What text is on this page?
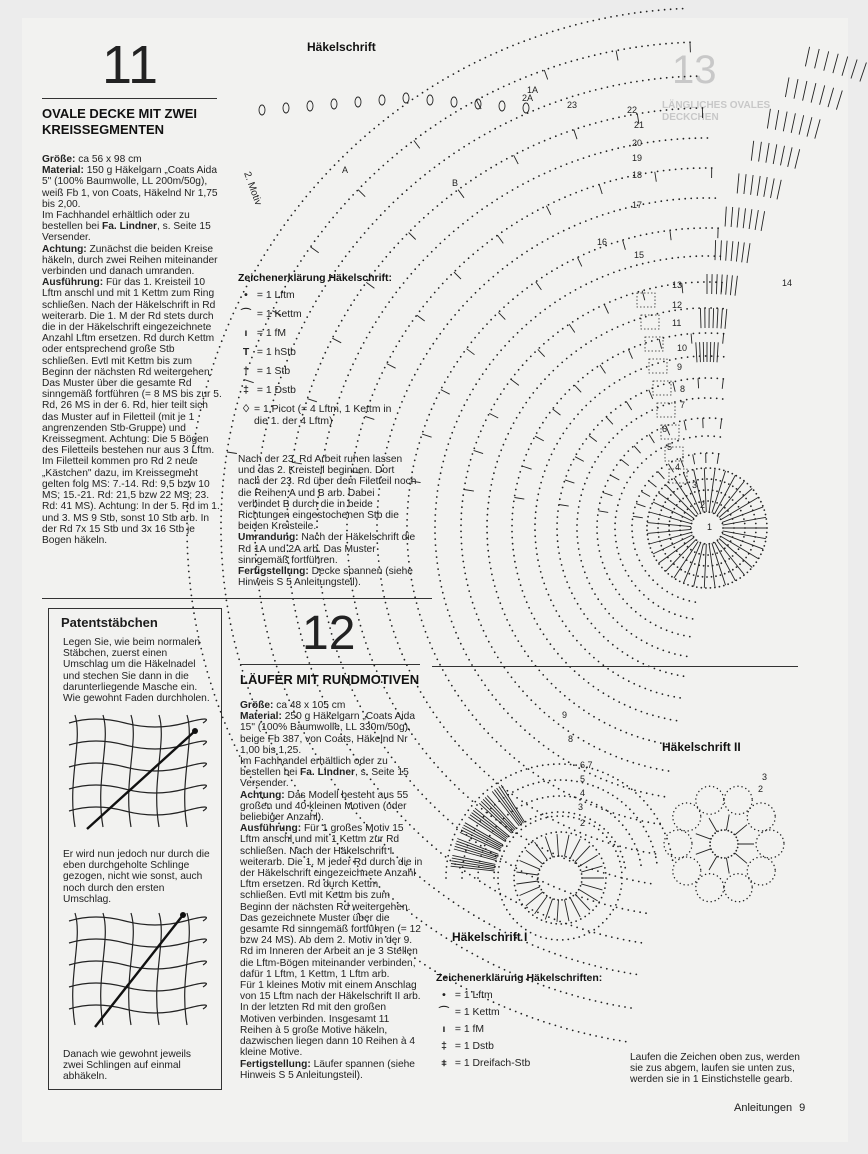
13
LÄNGLICHES OVALES
DECKCHEN
11
OVALE DECKE MIT ZWEI
KREISSEGMENTEN

Größe: ca 56 x 98 cm

Material: 150 g Häkelgarn „Coats Aida 5" (100% Baumwolle, LL 200m/50g), weiß Fb 1, von Coats, Häkelnd Nr 1,75 bis 2,00.

Im Fachhandel erhältlich oder zu bestellen bei Fa. Lindner, s. Seite 15 Versender.

Achtung: Zunächst die beiden Kreise häkeln, durch zwei Reihen miteinander verbinden und danach umranden.

Ausführung: Für das 1. Kreisteil 10 Lftm anschl und mit 1 Kettm zum Ring schließen. Nach der Häkelschrift in Rd weiterarb. Die 1. M der Rd stets durch die in der Häkelschrift eingezeichnete Anzahl Lftm ersetzen. Rd durch Kettm oder entsprechend große Stb schließen. Evtl mit Kettm bis zum Beginn der nächsten Rd weitergehen. Das Muster über die gesamte Rd sinngemäß fortführen (= 8 MS bis zur 5. Rd, 26 MS in der 6. Rd, hier teilt sich das Muster auf in Filetteil (mit je 1 angrenzenden Stb-Gruppe) und Kreissegment. Achtung: Die 5 Bögen des Filetteils bestehen nur aus 3 Lftm. Im Filetteil kommen pro Rd 2 neue „Kästchen" dazu, im Kreissegment gelten folg MS: 7.-14. Rd: 9,5 bzw 10 MS; 15.-21. Rd: 21,5 bzw 22 MS; 23. Rd: 41 MS). Achtung: In der 5. Rd im 1. und 3. MS 9 Stb, sonst 10 Stb arb. In der Rd 7x 15 Stb und 3x 16 Stb je Bogen häkeln.

Häkelschrift
1A
2A
23	22
21
20
19
18
17
16
15
14
13
12
11
10
9
8
7
6
5
4
3
2
1
A
B
2. Motiv
Zeichenerklärung Häkelschrift:
• = 1 Lftm
⌒ = 1 Kettm
ı = 1 fM
T = 1 hStb
† = 1 Stb
‡ = 1 Dstb
♢= 1 Picot (= 4 Lftm, 1 Kettm in die 1. der 4 Lftm)

Nach der 23. Rd Arbeit ruhen lassen und das 2. Kreisteil beginnen. Dort nach der 23. Rd über dem Filetteil noch die Reihen A und B arb. Dabei verbindet B durch die in beide Richtungen eingestochenen Stb die beiden Kreisteile.

Umrandung: Nach der Häkelschrift die Rd 1A und 2A arb. Das Muster sinngemäß fortführen.

Fertigstellung: Decke spannen (siehe Hinweis S 5 Anleitungsteil).

Patentstäbchen
Legen Sie, wie beim normalen Stäbchen, zuerst einen Umschlag um die Häkelnadel und stechen Sie dann in die darunterliegende Masche ein. Wie gewohnt Faden durchholen.
Er wird nun jedoch nur durch die eben durchgeholte Schlinge gezogen, nicht wie sonst, auch noch durch den ersten Umschlag.
Danach wie gewohnt jeweils zwei Schlingen auf einmal abhäkeln.
12
LÄUFER MIT RUNDMOTIVEN

Größe: ca 48 x 105 cm

Material: 250 g Häkelgarn „Coats Aida 15" (100% Baumwolle, LL 330m/50g), beige Fb 387, von Coats, Häkelnd Nr 1,00 bis 1,25.

Im Fachhandel erhältlich oder zu bestellen bei Fa. Lindner, s. Seite 15 Versender.

Achtung: Das Modell besteht aus 55 großen und 40 kleinen Motiven (oder beliebiger Anzahl).

Ausführung: Für 1 großes Motiv 15 Lftm anschl und mit 1 Kettm zur Rd schließen. Nach der Häkelschrift I weiterarb. Die 1. M jeder Rd durch die in der Häkelschrift eingezeichnete Anzahl Lftm ersetzen. Rd durch Kettm schließen. Evtl mit Kettm bis zum Beginn der nächsten Rd weitergehen. Das gezeichnete Muster über die gesamte Rd sinngemäß fortführen (= 12 bzw 24 MS). Ab dem 2. Motiv in der 9. Rd im Inneren der Arbeit an je 3 Stellen die Lftm-Bögen miteinander verbinden, dafür 1 Lftm, 1 Kettm, 1 Lftm arb.

Für 1 kleines Motiv mit einem Anschlag von 15 Lftm nach der Häkelschrift II arb. In der letzten Rd mit den großen Motiven verbinden. Insgesamt 11 Reihen à 5 große Motive häkeln, dazwischen liegen dann 10 Reihen à 4 kleine Motive.

Fertigstellung: Läufer spannen (siehe Hinweis S 5 Anleitungsteil).

9
8
6,7
5
4
3
2
Häkelschrift I
Häkelschrift II
3
2
Zeichenerklärung Häkelschriften:
• = 1 Lftm
⌒ = 1 Kettm
ı = 1 fM
‡ = 1 Dstb
⧧ = 1 Dreifach-Stb
Laufen die Zeichen oben zus, werden sie zus abgem, laufen sie unten zus, werden sie in 1 Einstichstelle gearb.
Anleitungen 9
